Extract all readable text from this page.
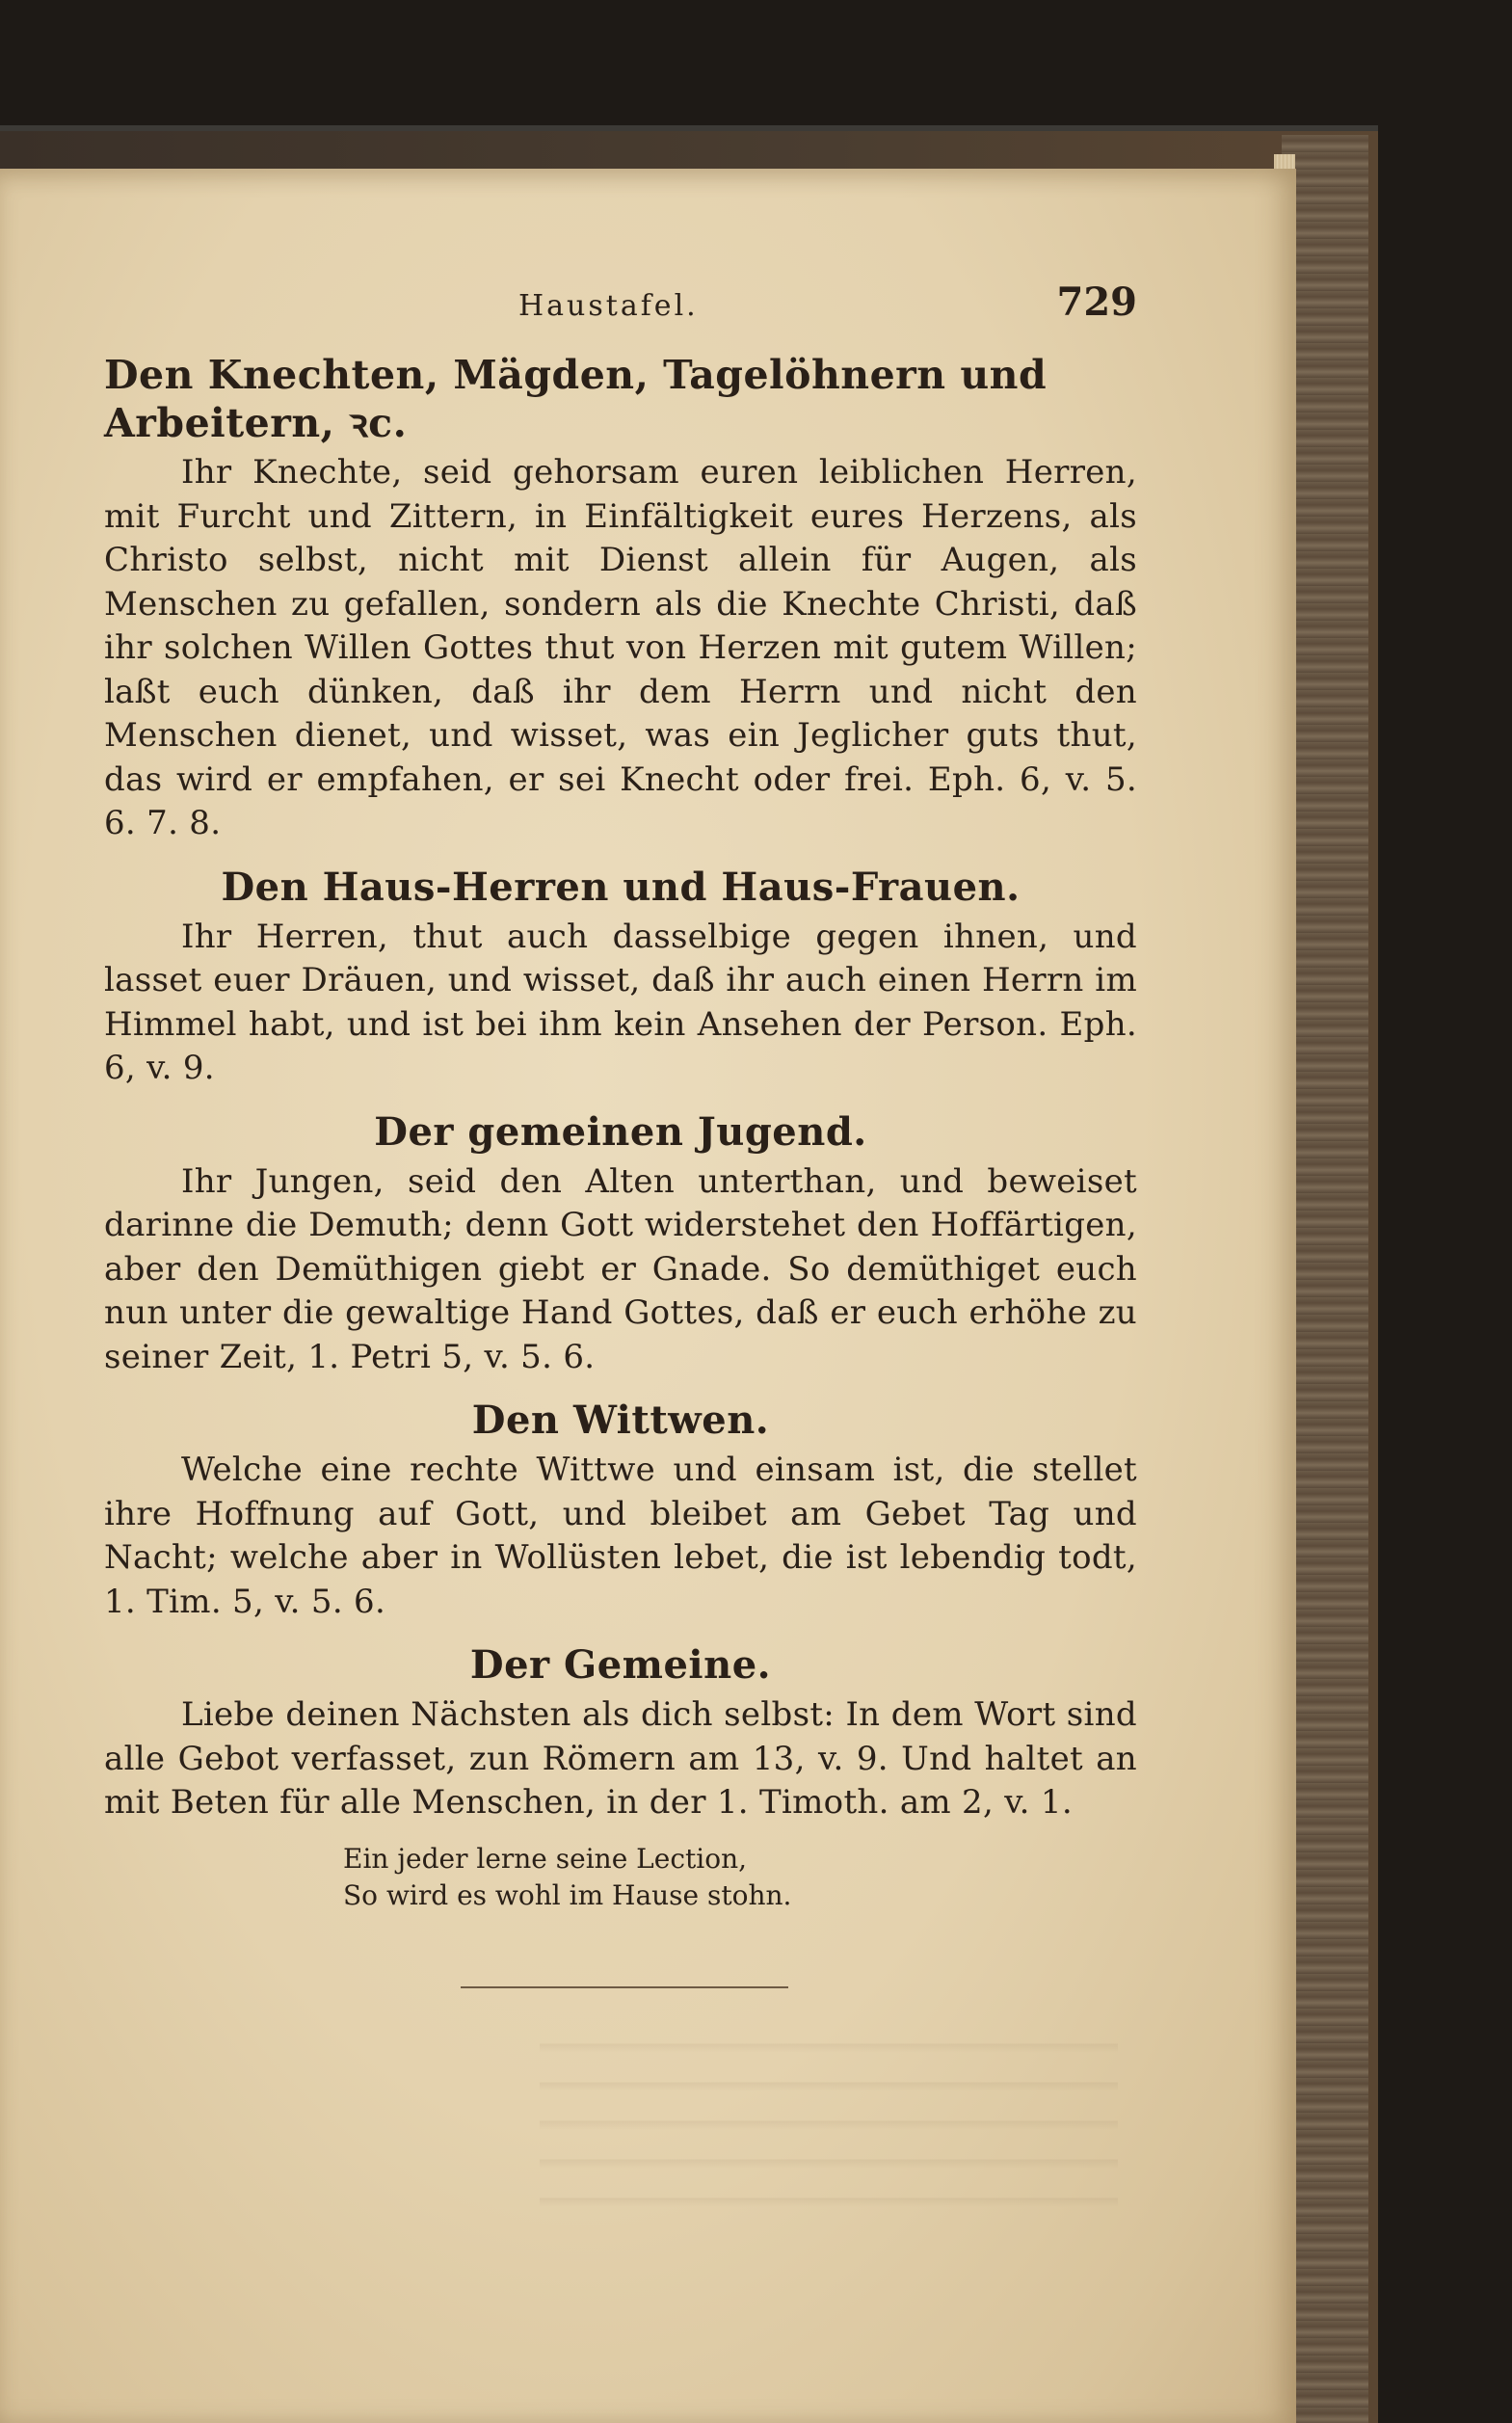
Haustafel.	729
Den Knechten, Mägden, Tagelöhnern und Arbeitern, ꝛc.

Ihr Knechte, seid gehorsam euren leiblichen Herren, mit Furcht und Zittern, in Einfältigkeit eures Herzens, als Christo selbst, nicht mit Dienst allein für Augen, als Menschen zu gefallen, sondern als die Knechte Christi, daß ihr solchen Willen Gottes thut von Herzen mit gutem Willen; laßt euch dünken, daß ihr dem Herrn und nicht den Menschen dienet, und wisset, was ein Jeglicher guts thut, das wird er empfahen, er sei Knecht oder frei. Eph. 6, v. 5. 6. 7. 8.

Den Haus-Herren und Haus-Frauen.

Ihr Herren, thut auch dasselbige gegen ihnen, und lasset euer Dräuen, und wisset, daß ihr auch einen Herrn im Himmel habt, und ist bei ihm kein Ansehen der Person. Eph. 6, v. 9.

Der gemeinen Jugend.

Ihr Jungen, seid den Alten unterthan, und beweiset darinne die Demuth; denn Gott widerstehet den Hoffärtigen, aber den Demüthigen giebt er Gnade. So demüthiget euch nun unter die gewaltige Hand Gottes, daß er euch erhöhe zu seiner Zeit, 1. Petri 5, v. 5. 6.

Den Wittwen.

Welche eine rechte Wittwe und einsam ist, die stellet ihre Hoffnung auf Gott, und bleibet am Gebet Tag und Nacht; welche aber in Wollüsten lebet, die ist lebendig todt, 1. Tim. 5, v. 5. 6.

Der Gemeine.

Liebe deinen Nächsten als dich selbst: In dem Wort sind alle Gebot verfasset, zun Römern am 13, v. 9. Und haltet an mit Beten für alle Menschen, in der 1. Timoth. am 2, v. 1.

Ein jeder lerne seine Lection,
So wird es wohl im Hause stohn.
